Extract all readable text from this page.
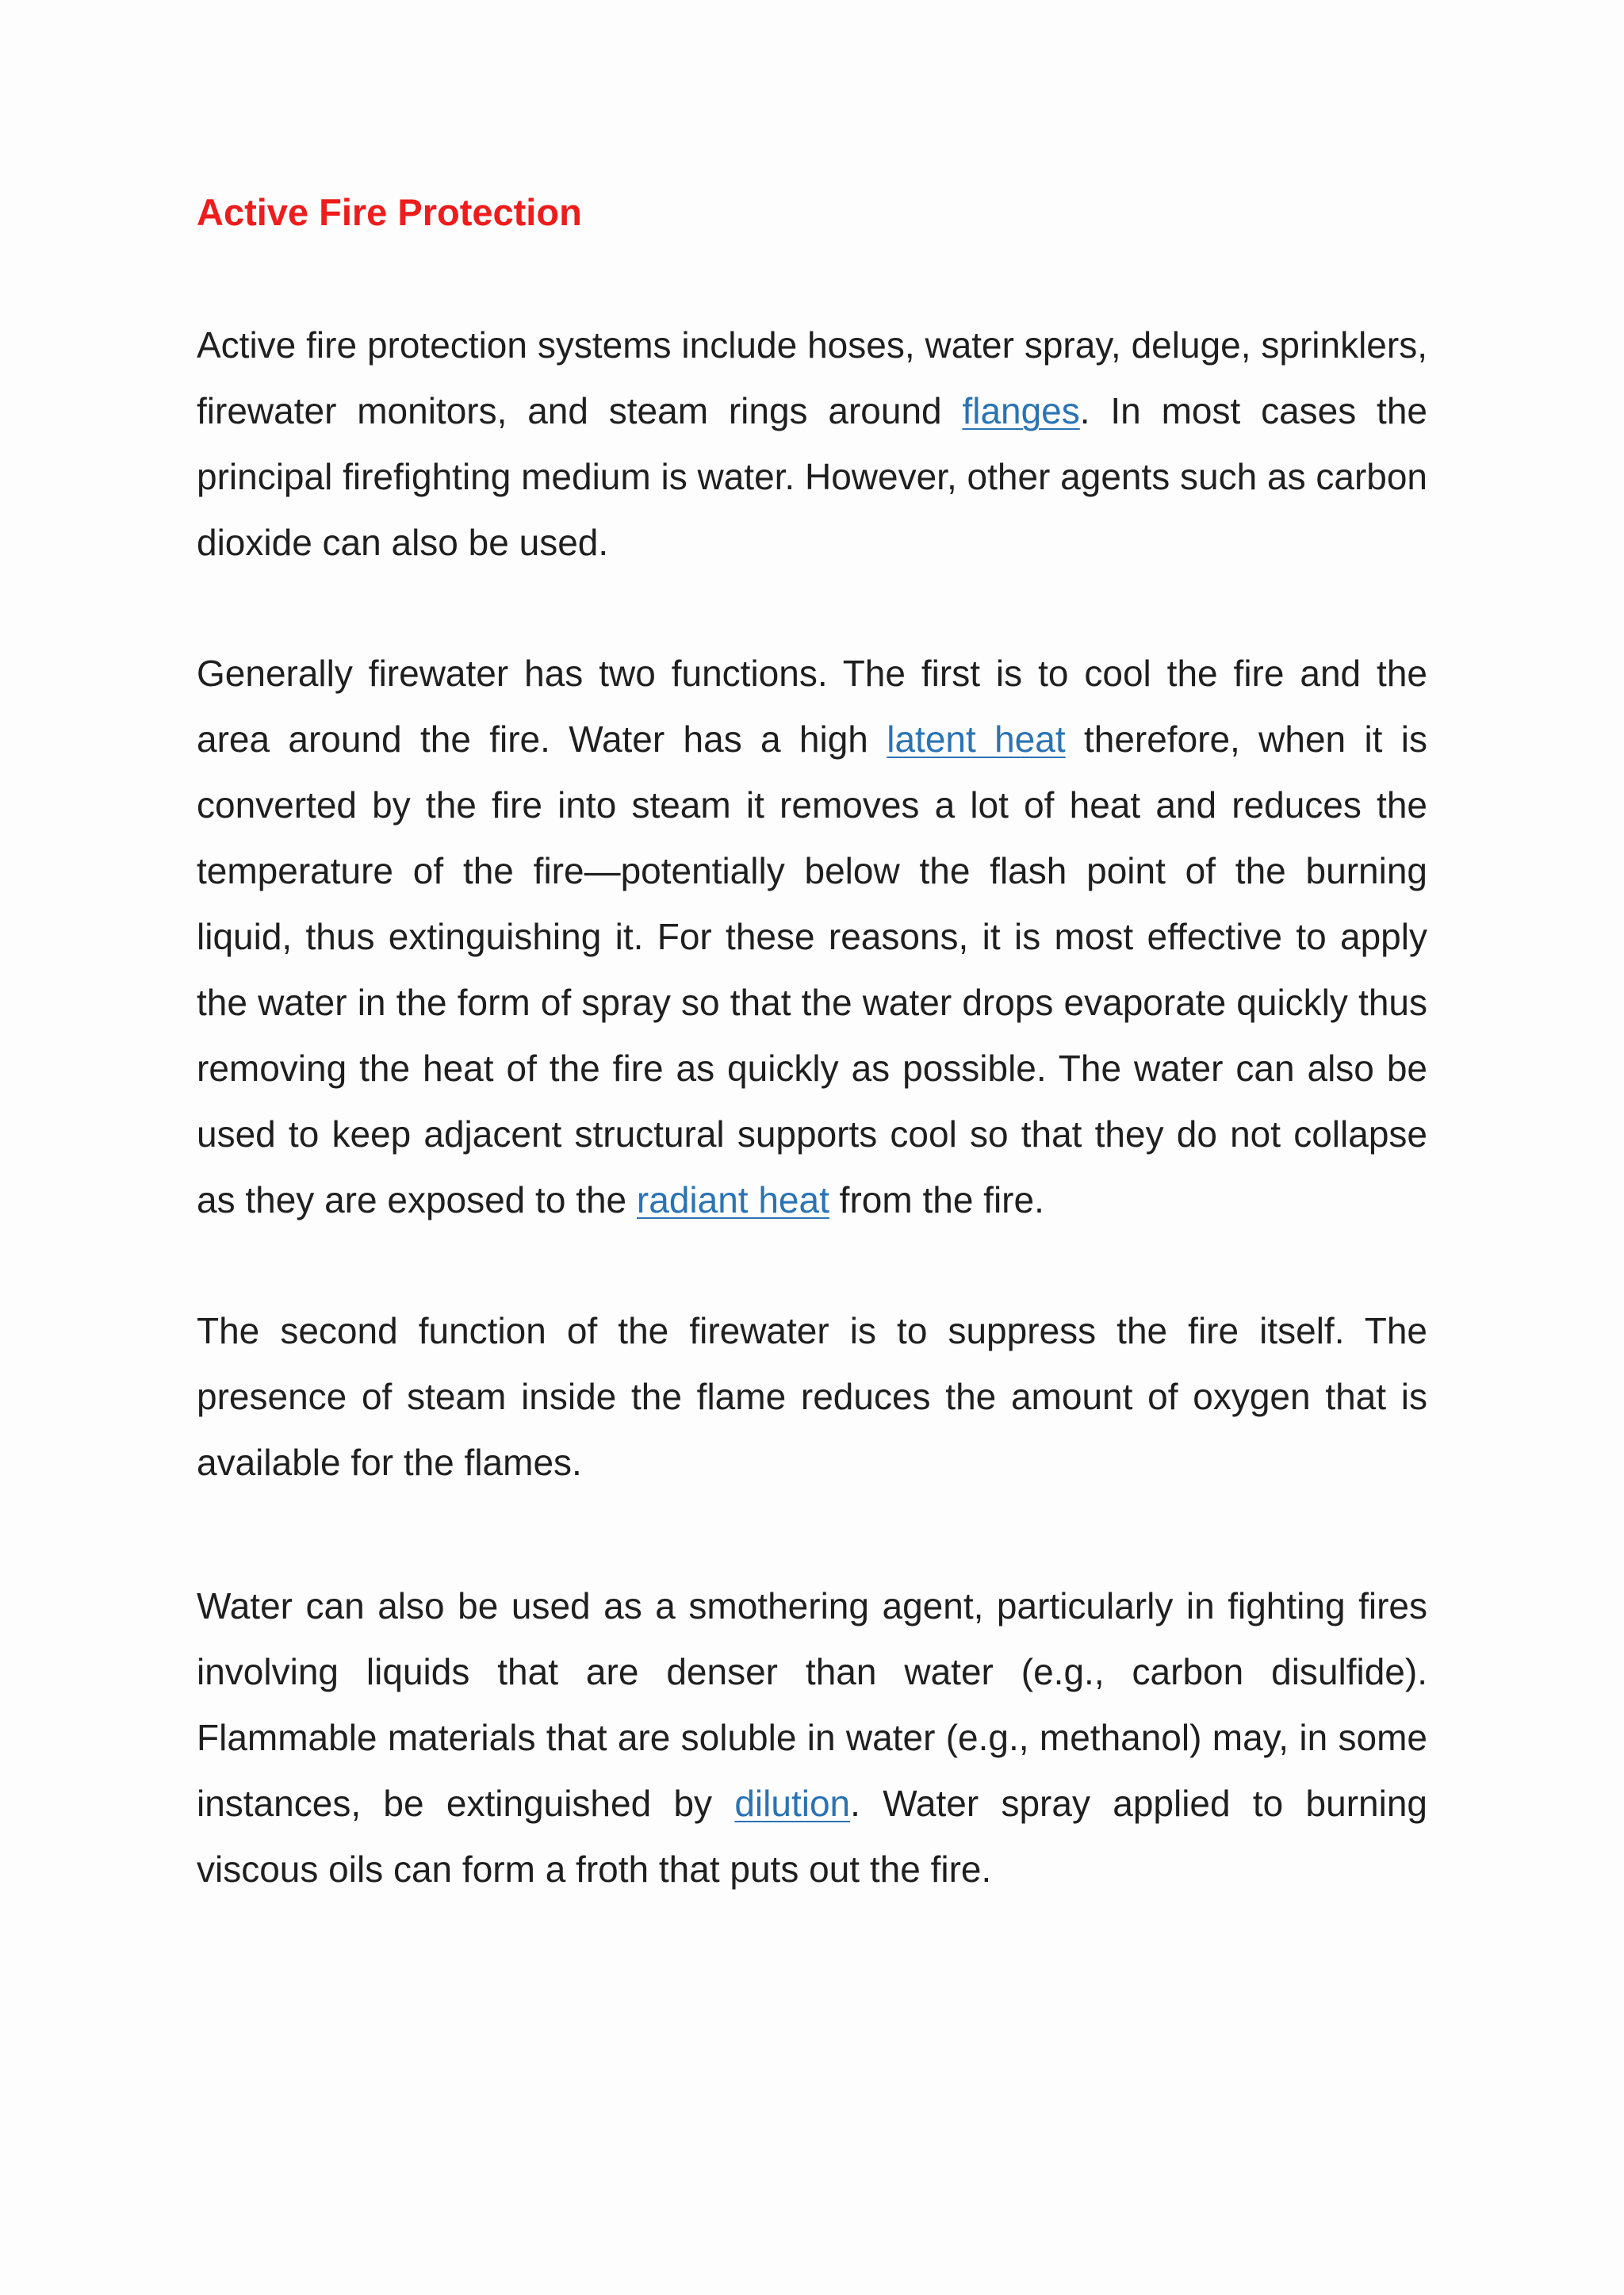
Active Fire Protection

Active fire protection systems include hoses, water spray, deluge, sprinklers, firewater monitors, and steam rings around flanges. In most cases the principal firefighting medium is water. However, other agents such as carbon dioxide can also be used.

Generally firewater has two functions. The first is to cool the fire and the area around the fire. Water has a high latent heat therefore, when it is converted by the fire into steam it removes a lot of heat and reduces the temperature of the fire—potentially below the flash point of the burning liquid, thus extinguishing it. For these reasons, it is most effective to apply the water in the form of spray so that the water drops evaporate quickly thus removing the heat of the fire as quickly as possible. The water can also be used to keep adjacent structural supports cool so that they do not collapse as they are exposed to the radiant heat from the fire.

The second function of the firewater is to suppress the fire itself. The presence of steam inside the flame reduces the amount of oxygen that is available for the flames.

Water can also be used as a smothering agent, particularly in fighting fires involving liquids that are denser than water (e.g., carbon disulfide). Flammable materials that are soluble in water (e.g., methanol) may, in some instances, be extinguished by dilution. Water spray applied to burning viscous oils can form a froth that puts out the fire.
